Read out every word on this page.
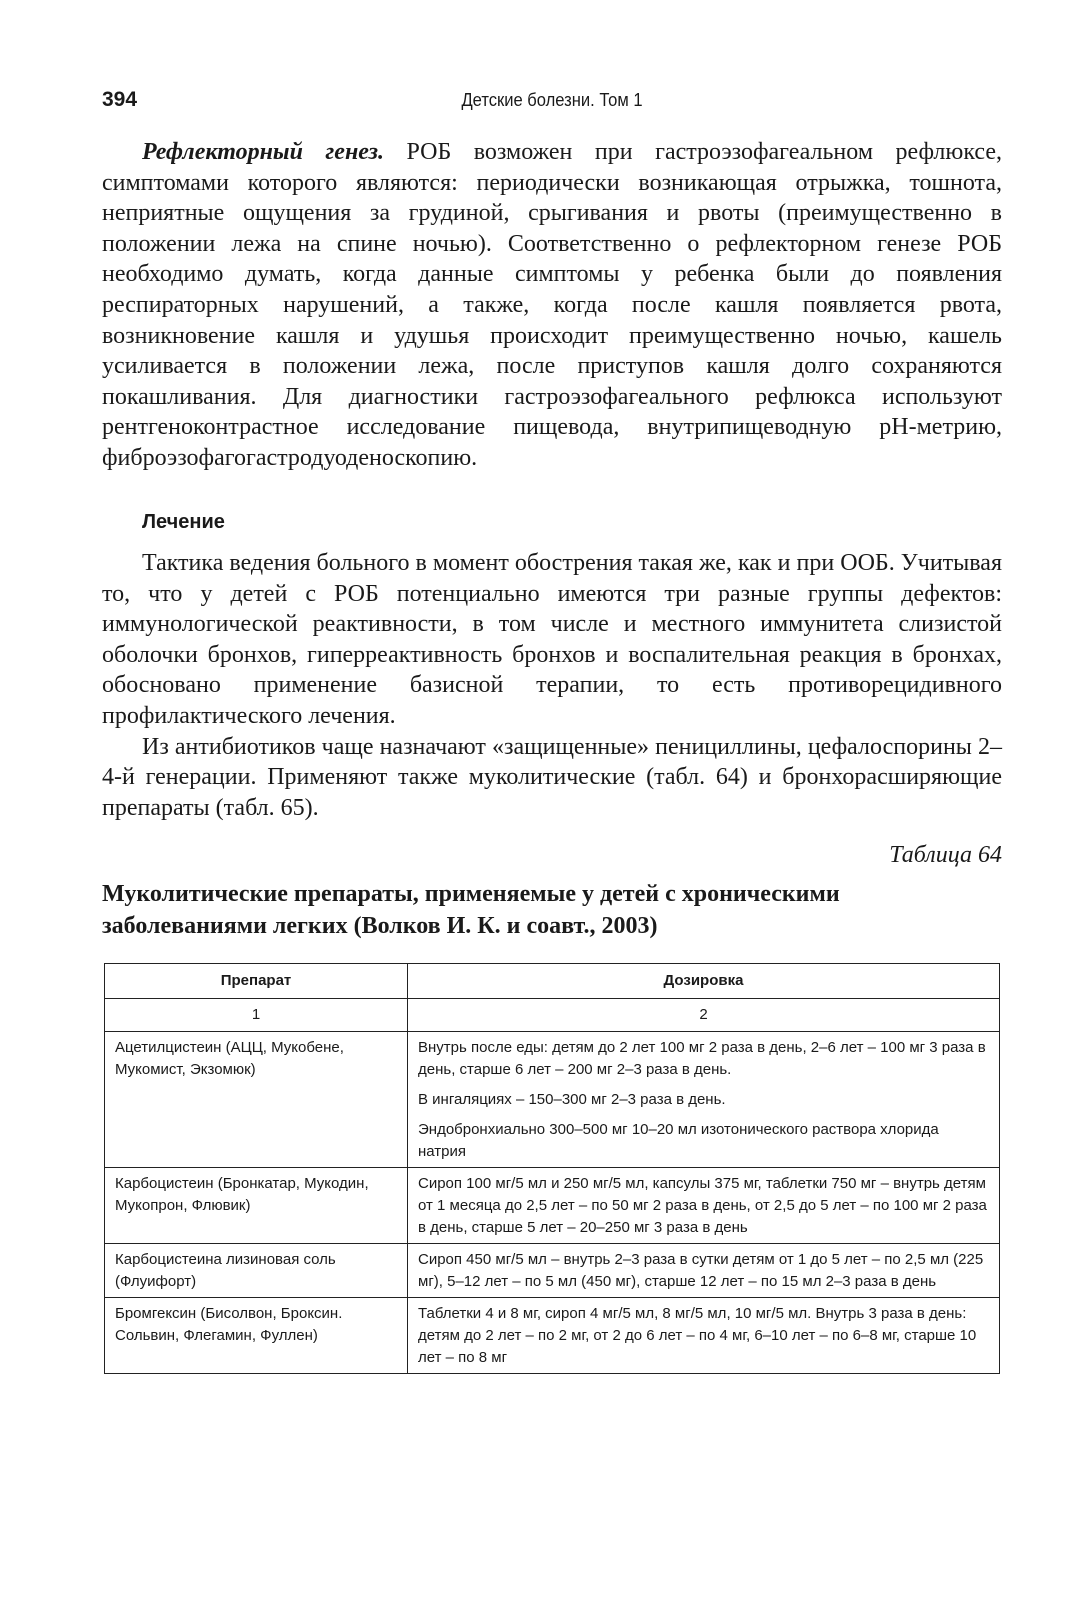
394	Детские болезни. Том 1

Рефлекторный генез. РОБ возможен при гастроэзофагеальном рефлюксе, симптомами которого являются: периодически возникающая отрыжка, тошнота, неприятные ощущения за грудиной, срыгивания и рвоты (преимущественно в положении лежа на спине ночью). Соответственно о рефлекторном генезе РОБ необходимо думать, когда данные симптомы у ребенка были до появления респираторных нарушений, а также, когда после кашля появляется рвота, возникновение кашля и удушья происходит преимущественно ночью, кашель усиливается в положении лежа, после приступов кашля долго сохраняются покашливания. Для диагностики гастроэзофагеального рефлюкса используют рентгеноконтрастное исследование пищевода, внутрипищеводную pH-метрию, фиброэзофагогастродуоденоскопию.

Лечение

Тактика ведения больного в момент обострения такая же, как и при ООБ. Учитывая то, что у детей с РОБ потенциально имеются три разные группы дефектов: иммунологической реактивности, в том числе и местного иммунитета слизистой оболочки бронхов, гиперреактивность бронхов и воспалительная реакция в бронхах, обосновано применение базисной терапии, то есть противорецидивного профилактического лечения.

Из антибиотиков чаще назначают «защищенные» пенициллины, цефалоспорины 2–4-й генерации. Применяют также муколитические (табл. 64) и бронхорасширяющие препараты (табл. 65).

Таблица 64

Муколитические препараты, применяемые у детей с хроническими заболеваниями легких (Волков И. К. и соавт., 2003)

Препарат	Дозировка
1	2
Ацетилцистеин (АЦЦ, Мукобене, Мукомист, Экзомюк)	Внутрь после еды: детям до 2 лет 100 мг 2 раза в день, 2–6 лет – 100 мг 3 раза в день, старше 6 лет – 200 мг 2–3 раза в день.
В ингаляциях – 150–300 мг 2–3 раза в день.
Эндобронхиально 300–500 мг 10–20 мл изотонического раствора хлорида натрия

Карбоцистеин (Бронкатар, Мукодин, Мукопрон, Флювик)	Сироп 100 мг/5 мл и 250 мг/5 мл, капсулы 375 мг, таблетки 750 мг – внутрь детям от 1 месяца до 2,5 лет – по 50 мг 2 раза в день, от 2,5 до 5 лет – по 100 мг 2 раза в день, старше 5 лет – 20–250 мг 3 раза в день

Карбоцистеина лизиновая соль (Флуифорт)	Сироп 450 мг/5 мл – внутрь 2–3 раза в сутки детям от 1 до 5 лет – по 2,5 мл (225 мг), 5–12 лет – по 5 мл (450 мг), старше 12 лет – по 15 мл 2–3 раза в день

Бромгексин (Бисолвон, Броксин. Сольвин, Флегамин, Фуллен)	Таблетки 4 и 8 мг, сироп 4 мг/5 мл, 8 мг/5 мл, 10 мг/5 мл. Внутрь 3 раза в день: детям до 2 лет – по 2 мг, от 2 до 6 лет – по 4 мг, 6–10 лет – по 6–8 мг, старше 10 лет – по 8 мг
